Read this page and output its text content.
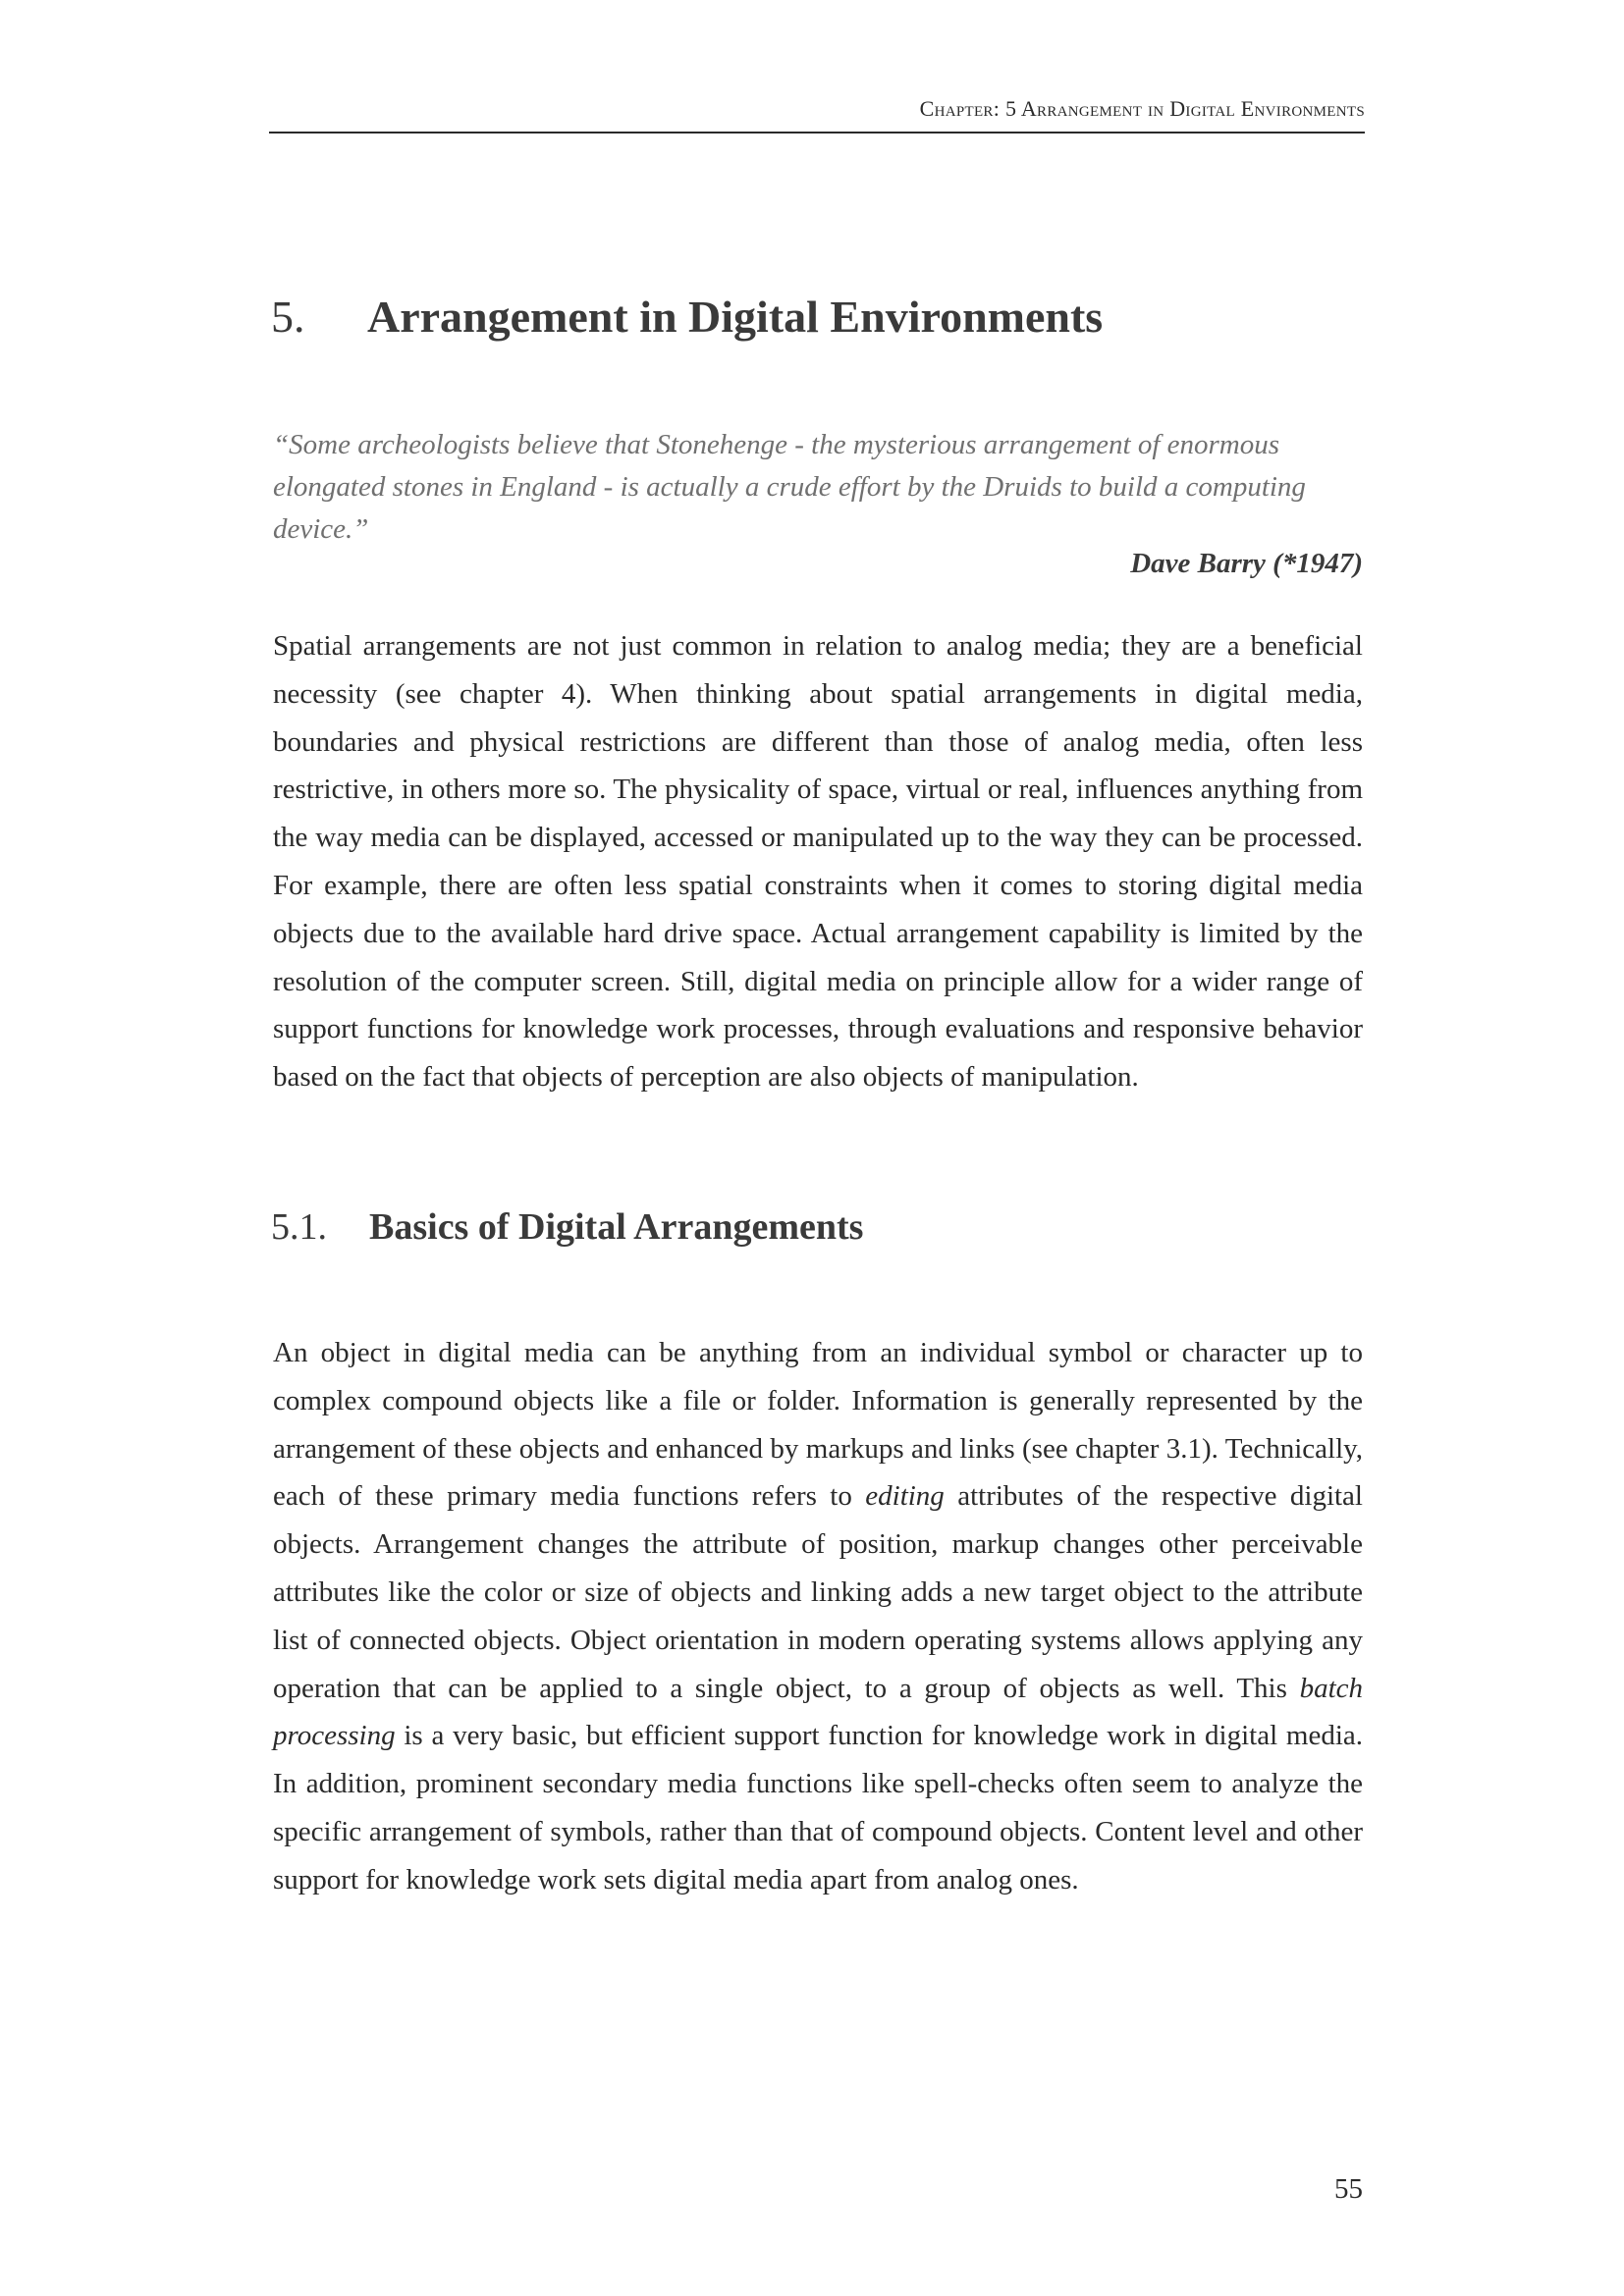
Chapter: 5 Arrangement in Digital Environments
5. Arrangement in Digital Environments

“Some archeologists believe that Stonehenge - the mysterious arrangement of enormous elongated stones in England - is actually a crude effort by the Druids to build a computing device.”

Dave Barry (*1947)

Spatial arrangements are not just common in relation to analog media; they are a beneficial necessity (see chapter 4). When thinking about spatial arrangements in digital media, boundaries and physical restrictions are different than those of analog media, often less restrictive, in others more so. The physicality of space, virtual or real, influences anything from the way media can be displayed, accessed or manipulated up to the way they can be processed. For example, there are often less spatial constraints when it comes to storing digital media objects due to the available hard drive space. Actual arrangement capability is limited by the resolution of the computer screen. Still, digital media on principle allow for a wider range of support functions for knowledge work processes, through evaluations and responsive behavior based on the fact that objects of perception are also objects of manipulation.

5.1. Basics of Digital Arrangements

An object in digital media can be anything from an individual symbol or character up to complex compound objects like a file or folder. Information is generally represented by the arrangement of these objects and enhanced by markups and links (see chapter 3.1). Technically, each of these primary media functions refers to editing attributes of the respective digital objects. Arrangement changes the attribute of position, markup changes other perceivable attributes like the color or size of objects and linking adds a new target object to the attribute list of connected objects. Object orientation in modern operating systems allows applying any operation that can be applied to a single object, to a group of objects as well. This batch processing is a very basic, but efficient support function for knowledge work in digital media. In addition, prominent secondary media functions like spell-checks often seem to analyze the specific arrangement of symbols, rather than that of compound objects. Content level and other support for knowledge work sets digital media apart from analog ones.

55
